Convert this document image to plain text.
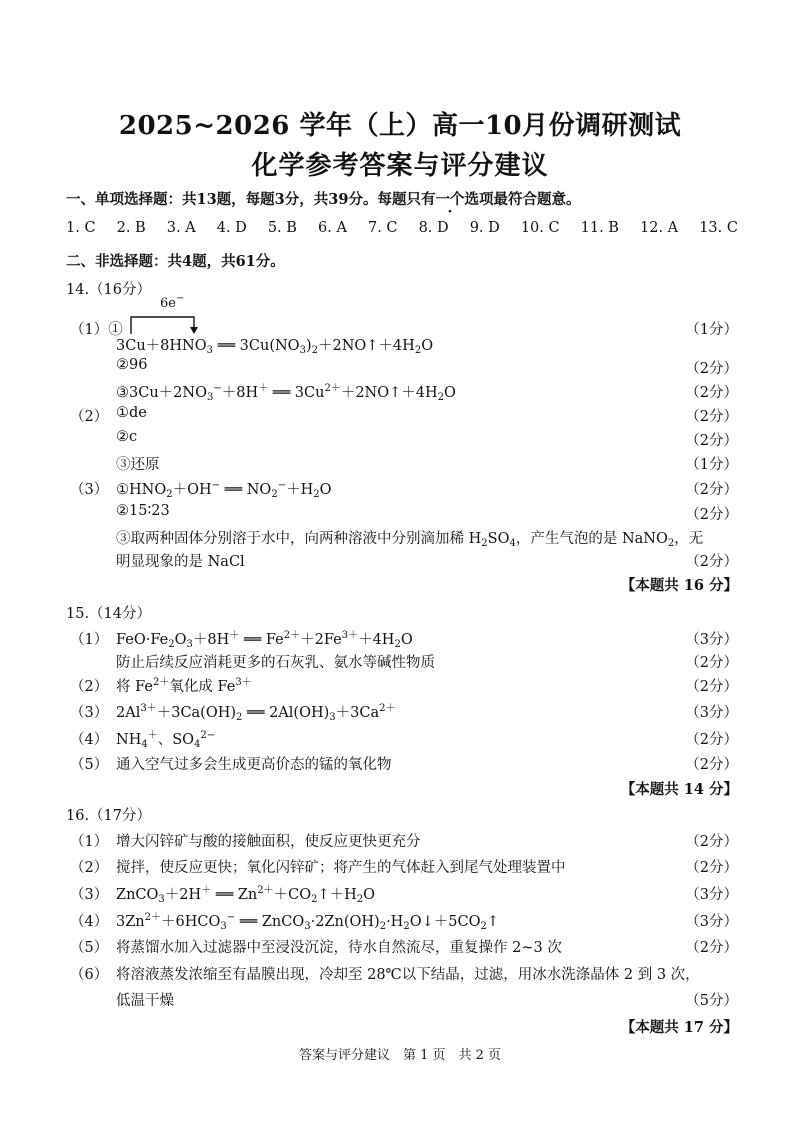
2025~2026 学年（上）高一10月份调研测试
化学参考答案与评分建议
一、单项选择题：共13题，每题3分，共39分。每题只有一个选项最符合题意。
1. C 2. B 3. A 4. D 5. B 6. A 7. C 8. D 9. D 10. C 11. B 12. A 13. C
二、非选择题：共4题，共61分。
14.（16分）
6e−
（1）①	（1分）
$3Cu+8HNO_3$ ══ $3Cu(NO_3)_2+2NO↑+4H_2O$
②96	（2分）
$③3Cu+2NO_3^-+8H^+$ ══ $3Cu^{2+}+2NO↑+4H_2O$	（2分）
（2） ①de	（2分）
②c	（2分）
③还原	（1分）
（3） $①HNO_2+OH^-$ ══ $NO_2^-+H_2O$	（2分）
②15∶23	（2分）
③取两种固体分别溶于水中，向两种溶液中分别滴加稀 $H_2SO_4$，产生气泡的是 NaNO$_2$，无
明显现象的是 NaCl	（2分）
【本题共 16 分】
15.（14分）
（1） $FeO\cdot Fe_2O_3+8H^+$ ══ $Fe^{2+}+2Fe^{3+}+4H_2O$	（3分）
防止后续反应消耗更多的石灰乳、氨水等碱性物质	（2分）
（2） 将 $Fe^{2+}$氧化成 $Fe^{3+}$	（2分）
（3） $2Al^{3+}+3Ca(OH)_2$ ══ $2Al(OH)_3+3Ca^{2+}$	（3分）
（4） $NH_4^+$、$SO_4^{2-}$	（2分）
（5） 通入空气过多会生成更高价态的锰的氧化物	（2分）
【本题共 14 分】
16.（17分）
（1） 增大闪锌矿与酸的接触面积，使反应更快更充分	（2分）
（2） 搅拌，使反应更快；氧化闪锌矿；将产生的气体赶入到尾气处理装置中	（2分）
（3） ZnCO$_3$＋2H＋ ══ $Zn^{2+}+CO_2↑+H_2O$	（3分）
（4） $3Zn^{2+}+6HCO_3^-$ ══ $ZnCO_3\cdot 2Zn(OH)_2\cdot H_2O↓+5CO_2↑$	（3分）
（5） 将蒸馏水加入过滤器中至浸没沉淀，待水自然流尽，重复操作 2~3 次	（2分）
（6） 将溶液蒸发浓缩至有晶膜出现，冷却至 28℃以下结晶，过滤，用冰水洗涤晶体 2 到 3 次，
低温干燥	（5分）
【本题共 17 分】
答案与评分建议　第 1 页　共 2 页
